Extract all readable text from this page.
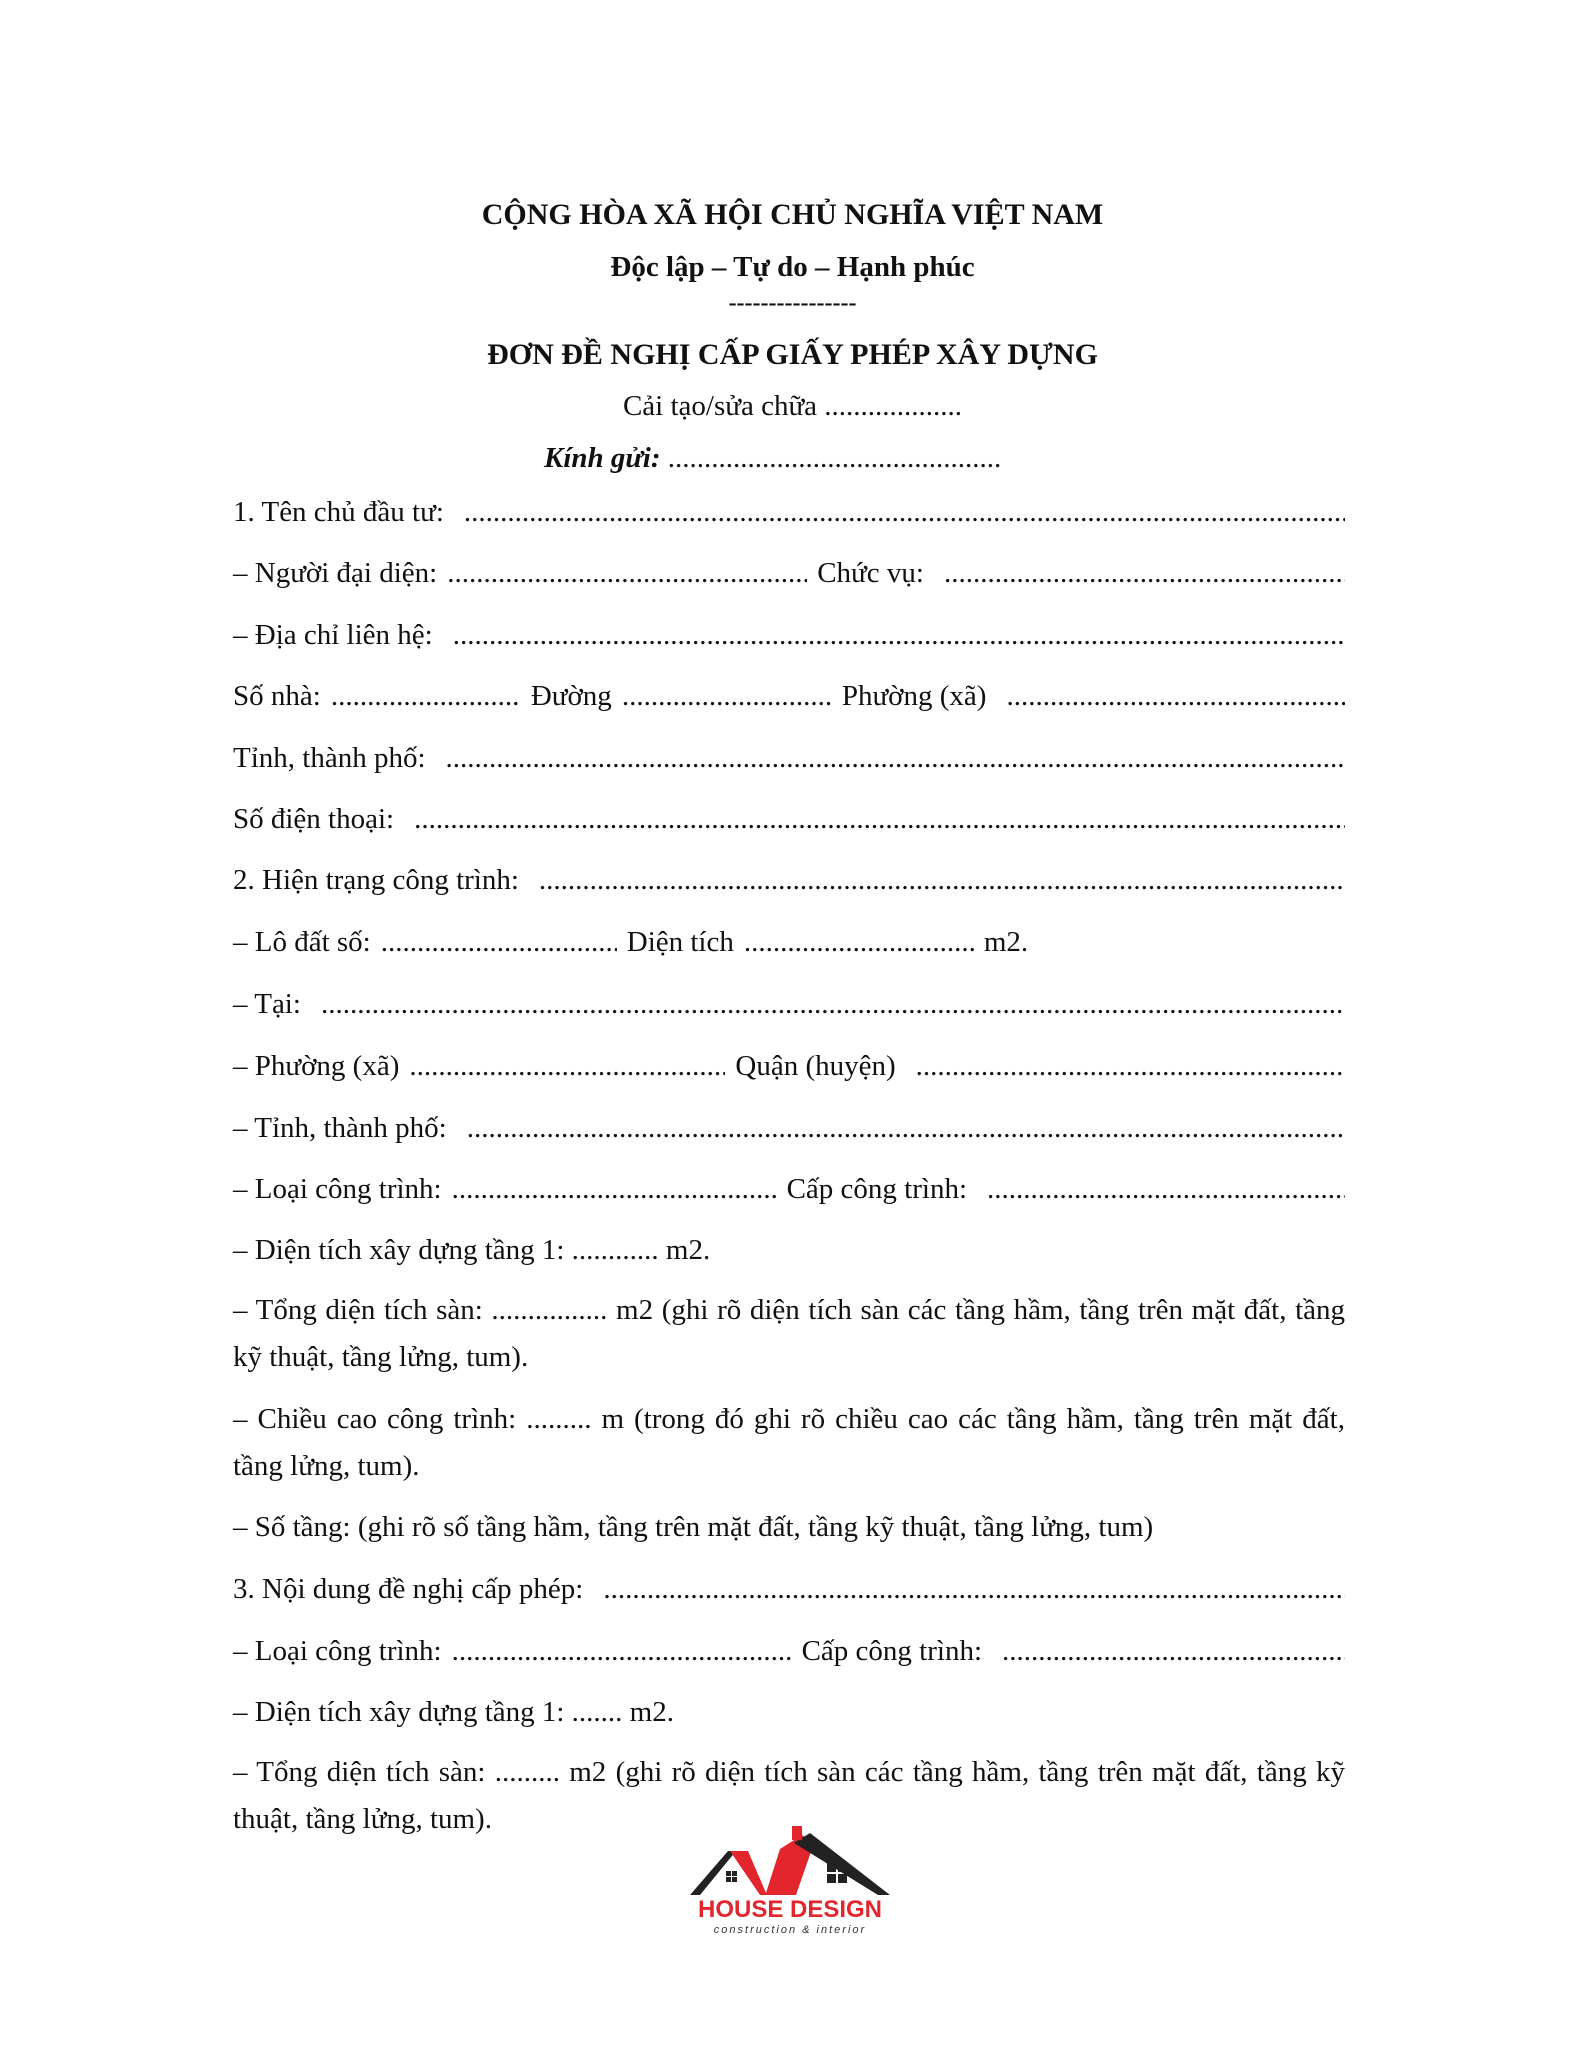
CỘNG HÒA XÃ HỘI CHỦ NGHĨA VIỆT NAM
Độc lập – Tự do – Hạnh phúc
----------------
ĐƠN ĐỀ NGHỊ CẤP GIẤY PHÉP XÂY DỰNG
Cải tạo/sửa chữa ...................
Kính gửi: ..............................................
1. Tên chủ đầu tư:
.....
– Người đại diện: .....	Chức vụ:
.....
– Địa chỉ liên hệ:
.....
Số nhà: .....	Đường .....	Phường (xã)
.....
Tỉnh, thành phố:
.....
Số điện thoại:
.....
2. Hiện trạng công trình:
.....
– Lô đất số: .....	Diện tích .....	m2.
– Tại:
.....
– Phường (xã) .....	Quận (huyện)
.....
– Tỉnh, thành phố:
.....
– Loại công trình: .....	Cấp công trình:
.....
– Diện tích xây dựng tầng 1: ............ m2.
– Tổng diện tích sàn: ................ m2 (ghi rõ diện tích sàn các tầng hầm, tầng trên mặt đất, tầng kỹ thuật, tầng lửng, tum).
– Chiều cao công trình: ......... m (trong đó ghi rõ chiều cao các tầng hầm, tầng trên mặt đất, tầng lửng, tum).
– Số tầng: (ghi rõ số tầng hầm, tầng trên mặt đất, tầng kỹ thuật, tầng lửng, tum)
3. Nội dung đề nghị cấp phép:
.....
– Loại công trình: .....	Cấp công trình:
.....
– Diện tích xây dựng tầng 1: ....... m2.
– Tổng diện tích sàn: ......... m2 (ghi rõ diện tích sàn các tầng hầm, tầng trên mặt đất, tầng kỹ thuật, tầng lửng, tum).
HOUSE DESIGN
construction & interior
